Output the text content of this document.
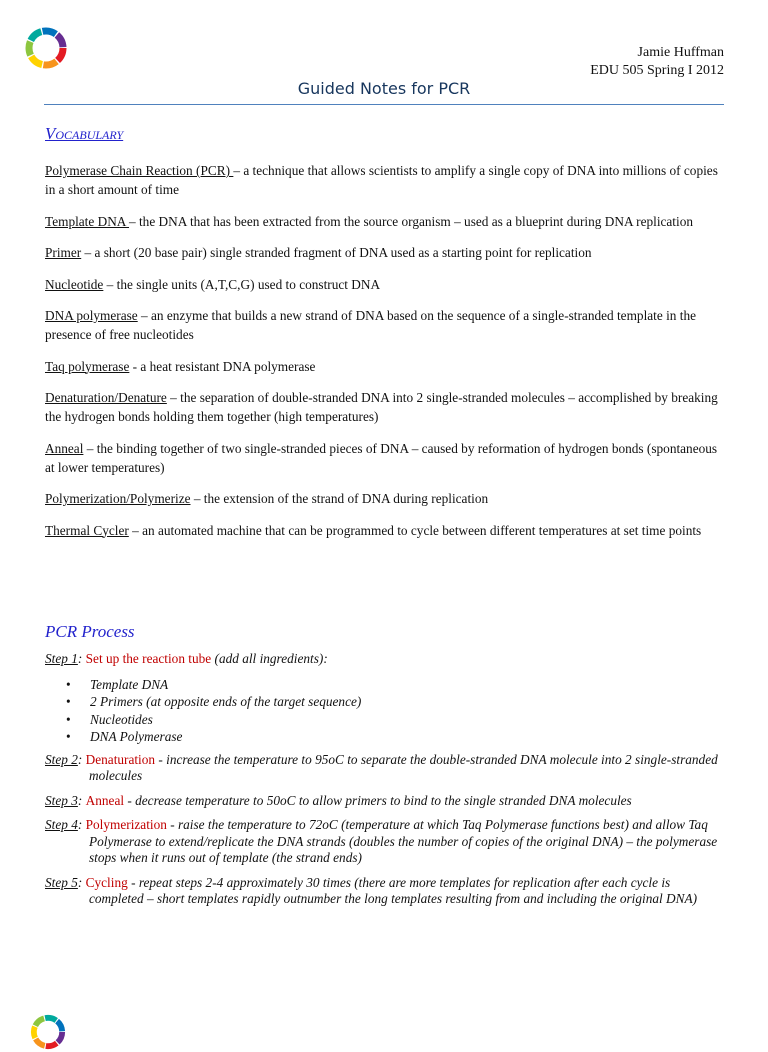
Jamie Huffman
EDU 505 Spring I 2012
Guided Notes for PCR
Vocabulary

Polymerase Chain Reaction (PCR) – a technique that allows scientists to amplify a single copy of DNA into millions of copies in a short amount of time

Template DNA – the DNA that has been extracted from the source organism – used as a blueprint during DNA replication

Primer – a short (20 base pair) single stranded fragment of DNA used as a starting point for replication

Nucleotide – the single units (A,T,C,G) used to construct DNA

DNA polymerase – an enzyme that builds a new strand of DNA based on the sequence of a single-stranded template in the presence of free nucleotides

Taq polymerase - a heat resistant DNA polymerase

Denaturation/Denature – the separation of double-stranded DNA into 2 single-stranded molecules – accomplished by breaking the hydrogen bonds holding them together (high temperatures)

Anneal – the binding together of two single-stranded pieces of DNA – caused by reformation of hydrogen bonds (spontaneous at lower temperatures)

Polymerization/Polymerize – the extension of the strand of DNA during replication

Thermal Cycler – an automated machine that can be programmed to cycle between different temperatures at set time points

PCR Process

Step 1: Set up the reaction tube (add all ingredients):

• Template DNA
• 2 Primers (at opposite ends of the target sequence)
• Nucleotides
• DNA Polymerase

Step 2: Denaturation - increase the temperature to 95oC to separate the double-stranded DNA molecule into 2 single-stranded molecules

Step 3: Anneal - decrease temperature to 50oC to allow primers to bind to the single stranded DNA molecules

Step 4: Polymerization - raise the temperature to 72oC (temperature at which Taq Polymerase functions best) and allow Taq Polymerase to extend/replicate the DNA strands (doubles the number of copies of the original DNA) – the polymerase stops when it runs out of template (the strand ends)

Step 5: Cycling - repeat steps 2-4 approximately 30 times (there are more templates for replication after each cycle is completed – short templates rapidly outnumber the long templates resulting from and including the original DNA)
